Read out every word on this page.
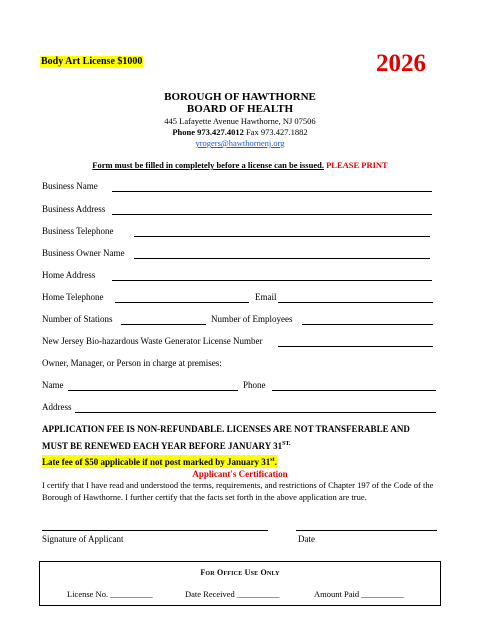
Body Art License $1000	2026
BOROUGH OF HAWTHORNE
BOARD OF HEALTH
445 Lafayette Avenue Hawthorne, NJ 07506
Phone 973.427.4012 Fax 973.427.1882
yrogers@hawthornenj.org
Form must be filled in completely before a license can be issued. PLEASE PRINT
Business Name
Business Address
Business Telephone
Business Owner Name
Home Address
Home Telephone	Email
Number of Stations	Number of Employees
New Jersey Bio-hazardous Waste Generator License Number
Owner, Manager, or Person in charge at premises:
Name	Phone
Address
APPLICATION FEE IS NON-REFUNDABLE. LICENSES ARE NOT TRANSFERABLE AND
MUST BE RENEWED EACH YEAR BEFORE JANUARY $31^{ST.}$
Late fee of $50 applicable if not post marked by January 31st.
Applicant's Certification
I certify that I have read and understood the terms, requirements, and restrictions of Chapter 197 of the Code of the Borough of Hawthorne. I further certify that the facts set forth in the above application are true.
Signature of Applicant	Date
For Office Use Only
License No. __________	Date Received __________	Amount Paid __________
